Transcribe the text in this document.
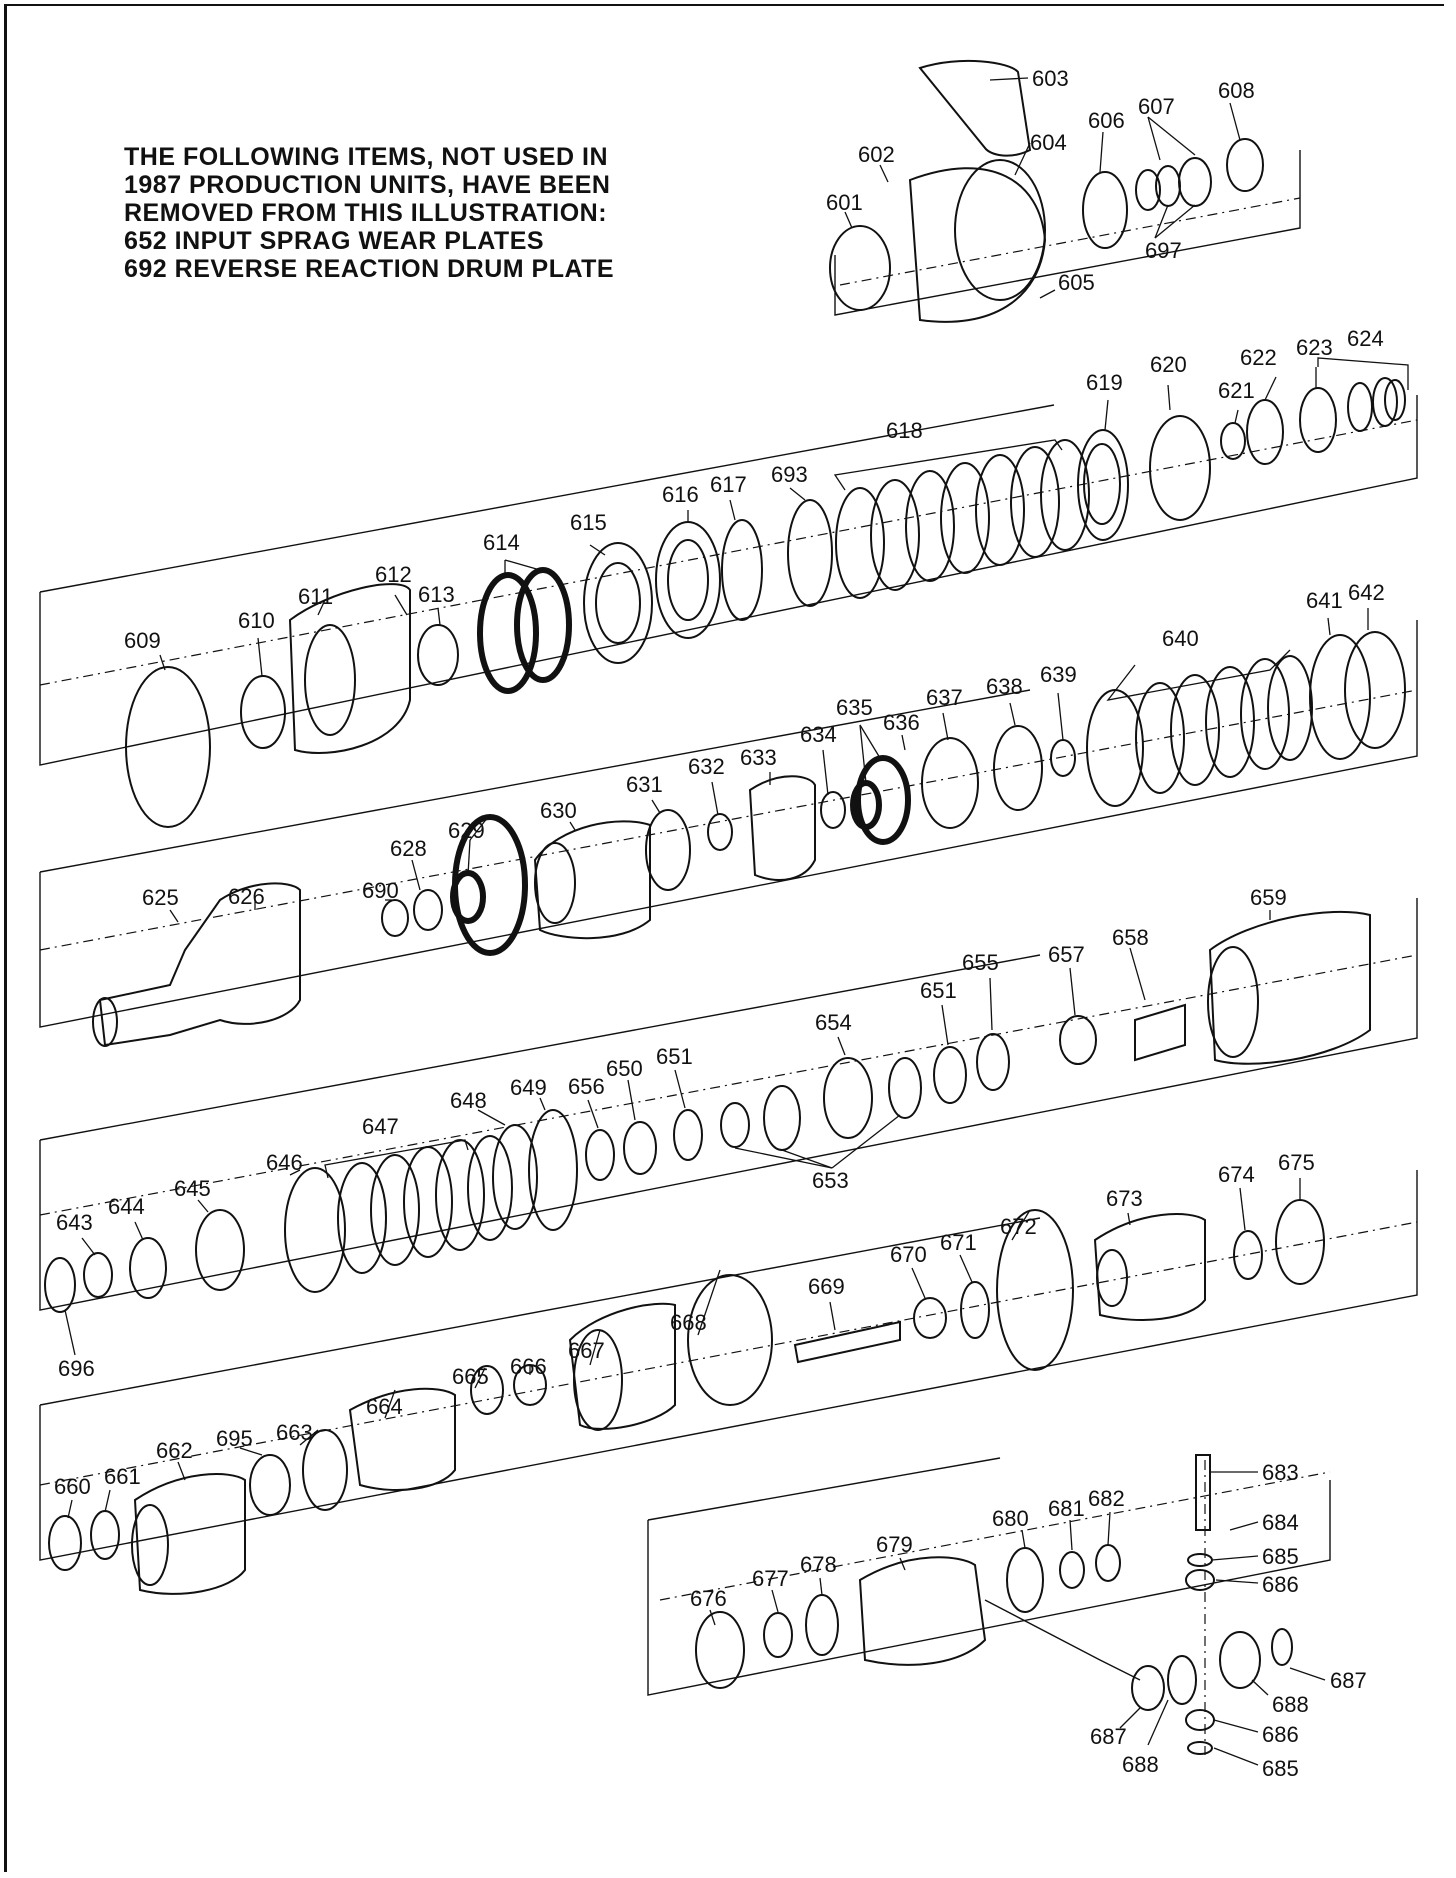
THE FOLLOWING ITEMS, NOT USED IN
1987 PRODUCTION UNITS, HAVE BEEN
REMOVED FROM THIS ILLUSTRATION:
652 INPUT SPRAG WEAR PLATES
692 REVERSE REACTION DRUM PLATE
603
602	604
606
607
608
601
697
605
620 622 623 624
619	621
618
616 617 693
615
614
612
611	613
610
609
642
641
640
639
638
637
635
636
634
633
632
631
630
629
628
690
625 626	659
658
657
655
651
654
651
650
656
649
648
647
646
645
644
643
696
653
675
674
673
672
671
670
669
668
667
666
665
664
663
695
662
661
660
683
684
685
686
682
681
680
679
678
677
676
687
688
686
687
688	685
